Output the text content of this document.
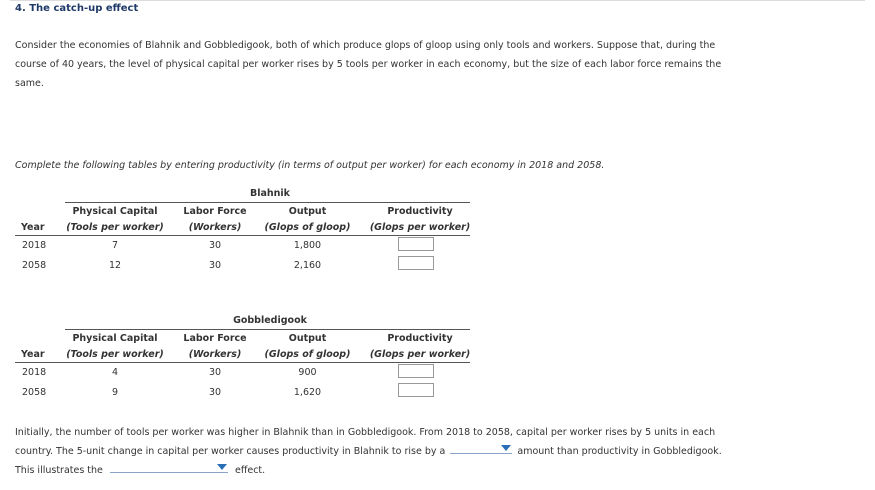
4. The catch-up effect
Consider the economies of Blahnik and Gobbledigook, both of which produce glops of gloop using only tools and workers. Suppose that, during the course of 40 years, the level of physical capital per worker rises by 5 tools per worker in each economy, but the size of each labor force remains the same.
Complete the following tables by entering productivity (in terms of output per worker) for each economy in 2018 and 2058.
Blahnik
Physical Capital	Labor Force	Output	Productivity
Year	(Tools per worker)	(Workers)	(Glops of gloop)	(Glops per worker)
2018	7	30	1,800
2058	12	30	2,160
Gobbledigook
Physical Capital	Labor Force	Output	Productivity
Year	(Tools per worker)	(Workers)	(Glops of gloop)	(Glops per worker)
2018	4	30	900
2058	9	30	1,620
Initially, the number of tools per worker was higher in Blahnik than in Gobbledigook. From 2018 to 2058, capital per worker rises by 5 units in each
country. The 5-unit change in capital per worker causes productivity in Blahnik to rise by a	amount than productivity in Gobbledigook.
This illustrates the	effect.
